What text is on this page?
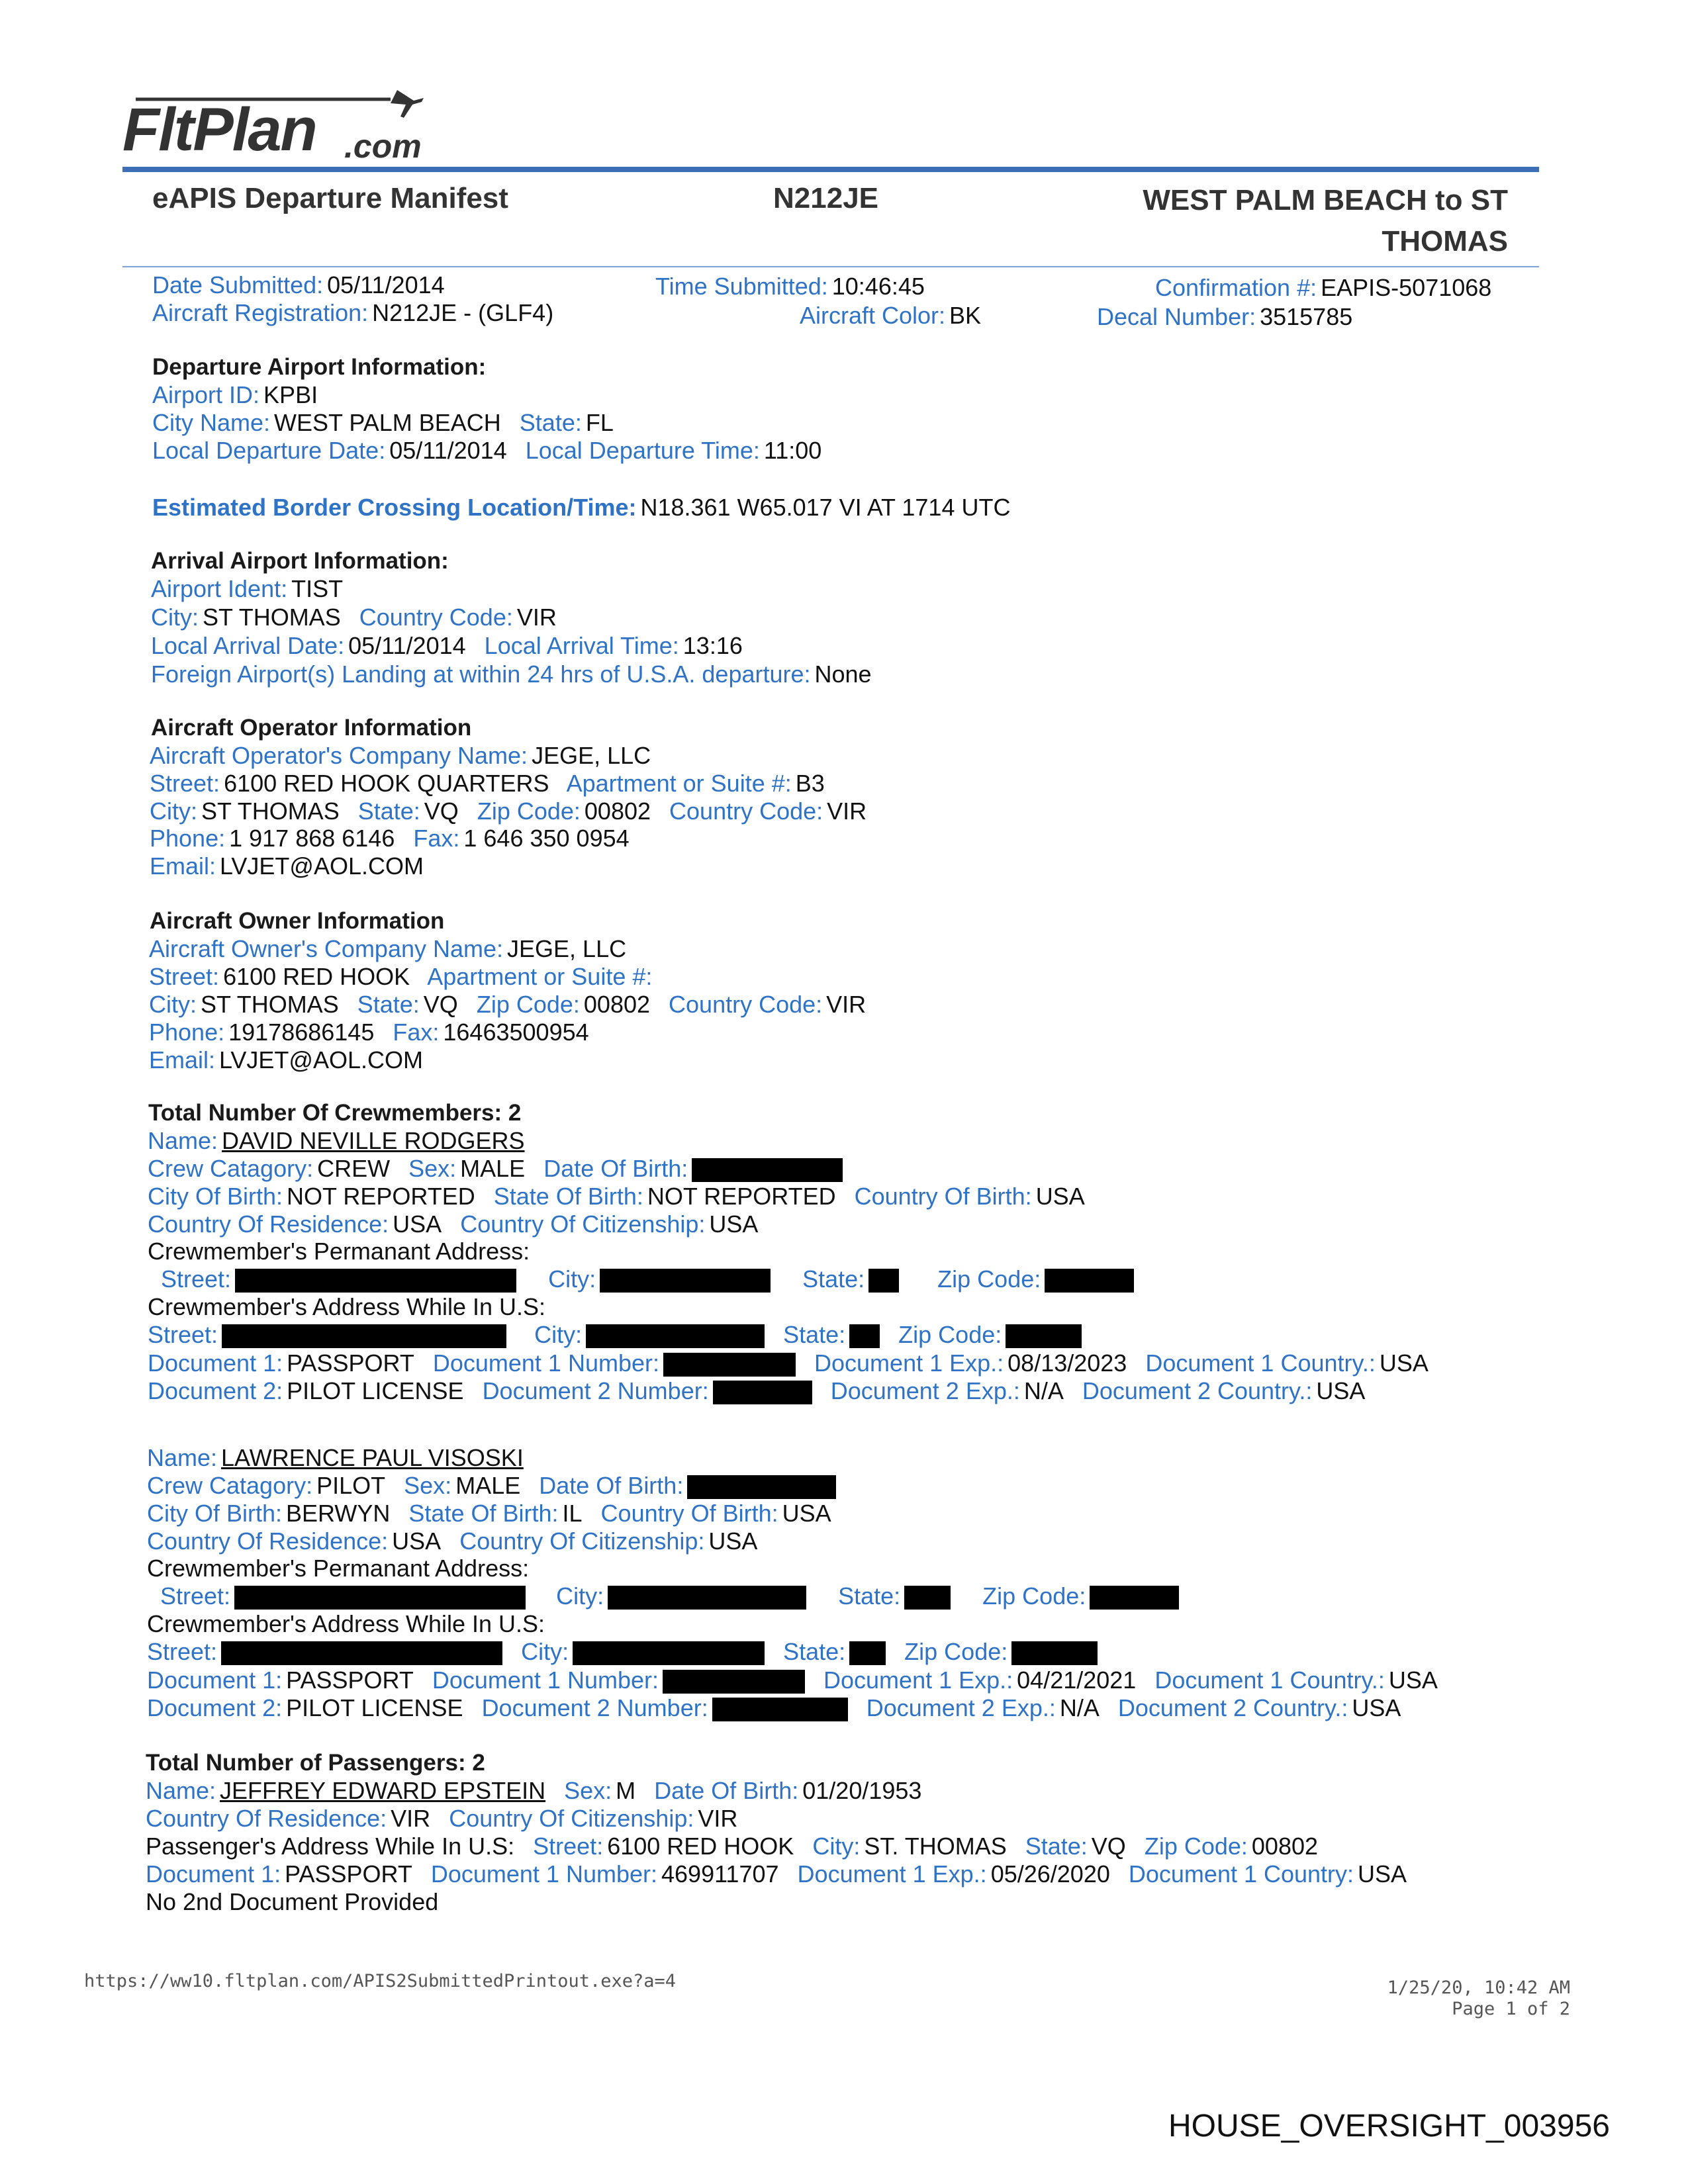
FltPlan .com
eAPIS Departure Manifest	N212JE	WEST PALM BEACH to ST
THOMAS
Date Submitted: 05/11/2014	Time Submitted: 10:46:45	Confirmation #: EAPIS-5071068
Aircraft Registration: N212JE - (GLF4)	Aircraft Color: BK	Decal Number: 3515785
Departure Airport Information:
Airport ID: KPBI
City Name: WEST PALM BEACH State: FL
Local Departure Date: 05/11/2014 Local Departure Time: 11:00
Estimated Border Crossing Location/Time: N18.361 W65.017 VI AT 1714 UTC
Arrival Airport Information:
Airport Ident: TIST
City: ST THOMAS Country Code: VIR
Local Arrival Date: 05/11/2014 Local Arrival Time: 13:16
Foreign Airport(s) Landing at within 24 hrs of U.S.A. departure: None
Aircraft Operator Information
Aircraft Operator's Company Name: JEGE, LLC
Street: 6100 RED HOOK QUARTERS Apartment or Suite #: B3
City: ST THOMAS State: VQ Zip Code: 00802 Country Code: VIR
Phone: 1 917 868 6146 Fax: 1 646 350 0954
Email: LVJET@AOL.COM
Aircraft Owner Information
Aircraft Owner's Company Name: JEGE, LLC
Street: 6100 RED HOOK Apartment or Suite #:
City: ST THOMAS State: VQ Zip Code: 00802 Country Code: VIR
Phone: 19178686145 Fax: 16463500954
Email: LVJET@AOL.COM
Total Number Of Crewmembers: 2
Name: DAVID NEVILLE RODGERS
Crew Catagory: CREW Sex: MALE Date Of Birth:
City Of Birth: NOT REPORTED State Of Birth: NOT REPORTED Country Of Birth: USA
Country Of Residence: USA Country Of Citizenship: USA
Crewmember's Permanant Address:
Street:	City:	State:	Zip Code:
Crewmember's Address While In U.S:
Street:	City:	State: Zip Code:
Document 1: PASSPORT Document 1 Number:	Document 1 Exp.: 08/13/2023 Document 1 Country.: USA
Document 2: PILOT LICENSE Document 2 Number:	Document 2 Exp.: N/A Document 2 Country.: USA
Name: LAWRENCE PAUL VISOSKI
Crew Catagory: PILOT Sex: MALE Date Of Birth:
City Of Birth: BERWYN State Of Birth: IL Country Of Birth: USA
Country Of Residence: USA Country Of Citizenship: USA
Crewmember's Permanant Address:
Street:	City:	State:	Zip Code:
Crewmember's Address While In U.S:
Street:	City:	State: Zip Code:
Document 1: PASSPORT Document 1 Number:	Document 1 Exp.: 04/21/2021 Document 1 Country.: USA
Document 2: PILOT LICENSE Document 2 Number:	Document 2 Exp.: N/A Document 2 Country.: USA
Total Number of Passengers: 2
Name: JEFFREY EDWARD EPSTEIN Sex: M Date Of Birth: 01/20/1953
Country Of Residence: VIR Country Of Citizenship: VIR
Passenger's Address While In U.S: Street: 6100 RED HOOK City: ST. THOMAS State: VQ Zip Code: 00802
Document 1: PASSPORT Document 1 Number: 469911707 Document 1 Exp.: 05/26/2020 Document 1 Country: USA
No 2nd Document Provided
https://ww10.fltplan.com/APIS2SubmittedPrintout.exe?a=4	1/25/20, 10:42 AM
Page 1 of 2
HOUSE_OVERSIGHT_003956
